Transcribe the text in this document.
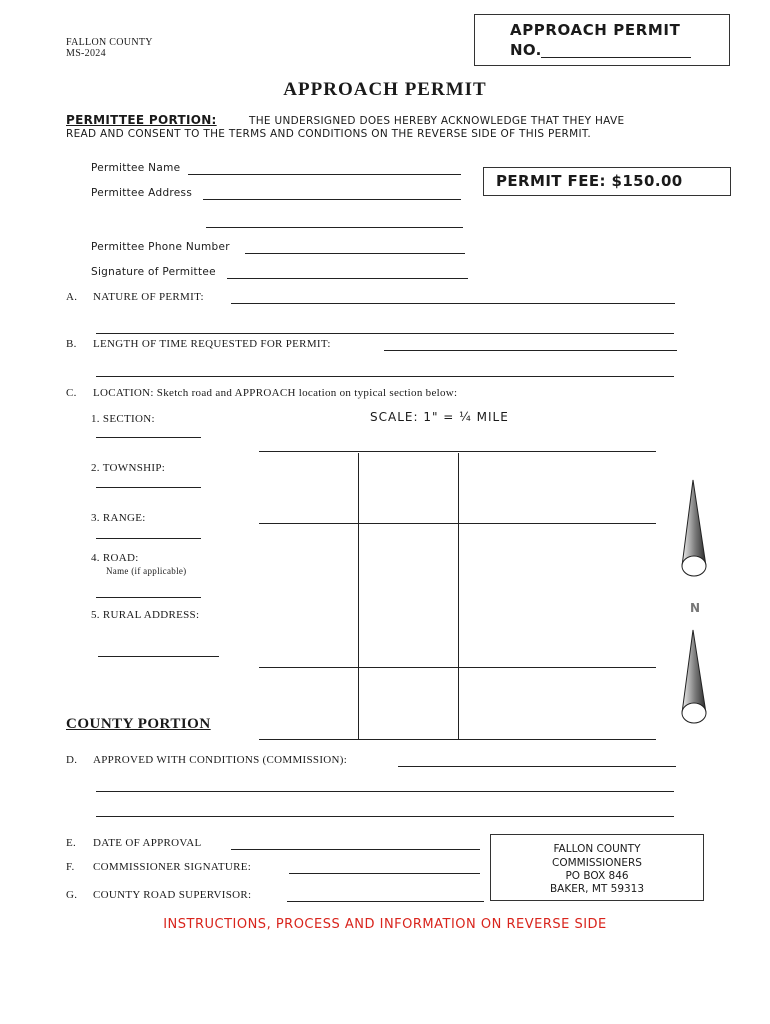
FALLON COUNTY
MS-2024
APPROACH PERMIT
NO.
APPROACH PERMIT
PERMITTEE PORTION:	THE UNDERSIGNED DOES HEREBY ACKNOWLEDGE THAT THEY HAVE
READ AND CONSENT TO THE TERMS AND CONDITIONS ON THE REVERSE SIDE OF THIS PERMIT.
Permittee Name
Permittee Address
PERMIT FEE: $150.00
Permittee Phone Number
Signature of Permittee
A. NATURE OF PERMIT:
B. LENGTH OF TIME REQUESTED FOR PERMIT:
C. LOCATION: Sketch road and APPROACH location on typical section below:
SCALE: 1" = ¼ MILE
1. SECTION:
2. TOWNSHIP:
3. RANGE:
4. ROAD:
Name (if applicable)
5. RURAL ADDRESS:	N
COUNTY PORTION
D. APPROVED WITH CONDITIONS (COMMISSION):
E. DATE OF APPROVAL
F. COMMISSIONER SIGNATURE:
G. COUNTY ROAD SUPERVISOR:
FALLON COUNTY
COMMISSIONERS
PO BOX 846
BAKER, MT 59313
INSTRUCTIONS, PROCESS AND INFORMATION ON REVERSE SIDE
